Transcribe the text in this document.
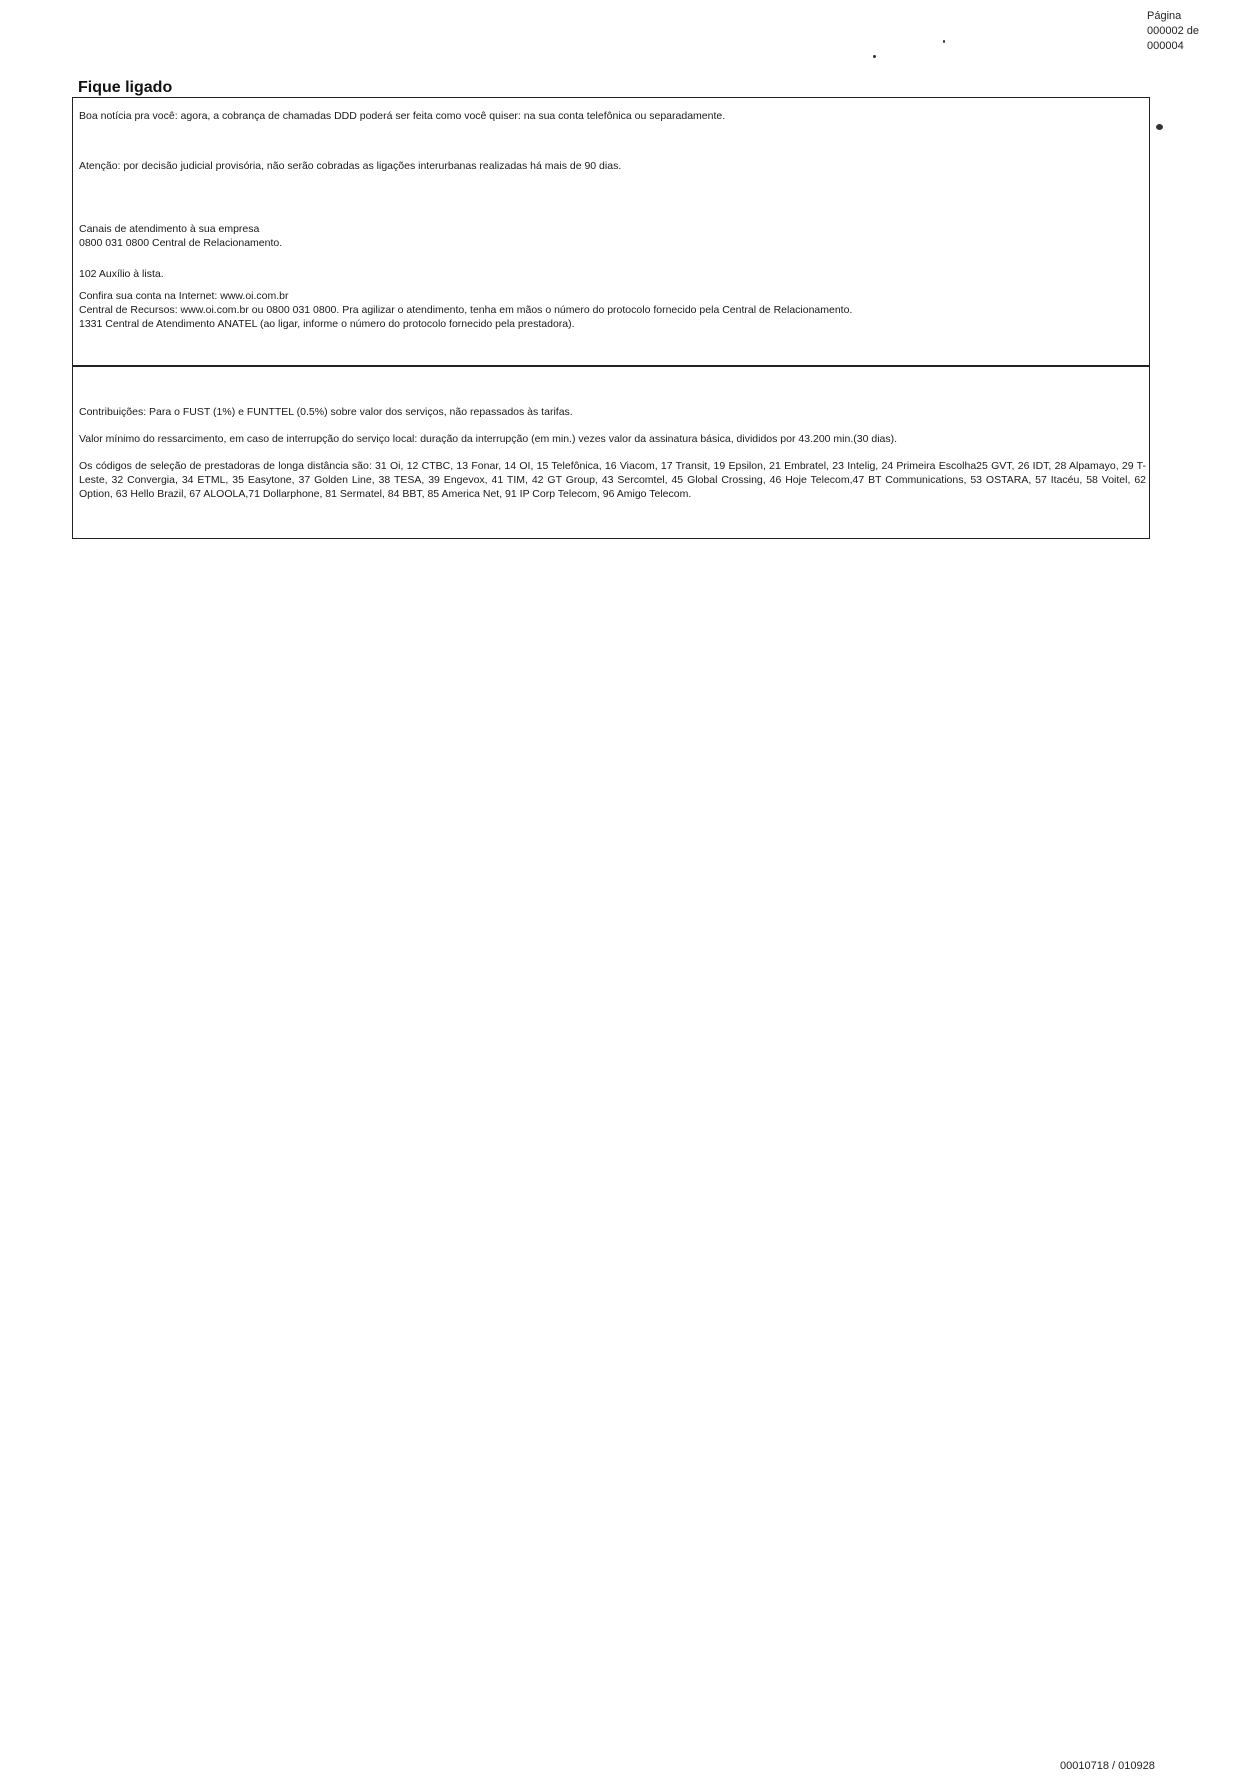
Página
000002 de
000004
Fique ligado
Boa notícia pra você: agora, a cobrança de chamadas DDD poderá ser feita como você quiser: na sua conta telefônica ou separadamente.
Atenção: por decisão judicial provisória, não serão cobradas as ligações interurbanas realizadas há mais de 90 dias.
Canais de atendimento à sua empresa
0800 031 0800 Central de Relacionamento.
102 Auxílio à lista.
Confira sua conta na Internet: www.oi.com.br
Central de Recursos: www.oi.com.br ou 0800 031 0800. Pra agilizar o atendimento, tenha em mãos o número do protocolo fornecido pela Central de Relacionamento.
1331 Central de Atendimento ANATEL (ao ligar, informe o número do protocolo fornecido pela prestadora).
Contribuições: Para o FUST (1%) e FUNTTEL (0.5%) sobre valor dos serviços, não repassados às tarifas.
Valor mínimo do ressarcimento, em caso de interrupção do serviço local: duração da interrupção (em min.) vezes valor da assinatura básica, divididos por 43.200 min.(30 dias).
Os códigos de seleção de prestadoras de longa distância são: 31 Oi, 12 CTBC, 13 Fonar, 14 OI, 15 Telefônica, 16 Viacom, 17 Transit, 19 Epsilon, 21 Embratel, 23 Intelig, 24 Primeira Escolha25 GVT, 26 IDT, 28 Alpamayo, 29 T-Leste, 32 Convergia, 34 ETML, 35 Easytone, 37 Golden Line, 38 TESA, 39 Engevox, 41 TIM, 42 GT Group, 43 Sercomtel, 45 Global Crossing, 46 Hoje Telecom,47 BT Communications, 53 OSTARA, 57 Itacéu, 58 Voitel, 62 Option, 63 Hello Brazil, 67 ALOOLA,71 Dollarphone, 81 Sermatel, 84 BBT, 85 America Net, 91 IP Corp Telecom, 96 Amigo Telecom.
00010718 / 010928
